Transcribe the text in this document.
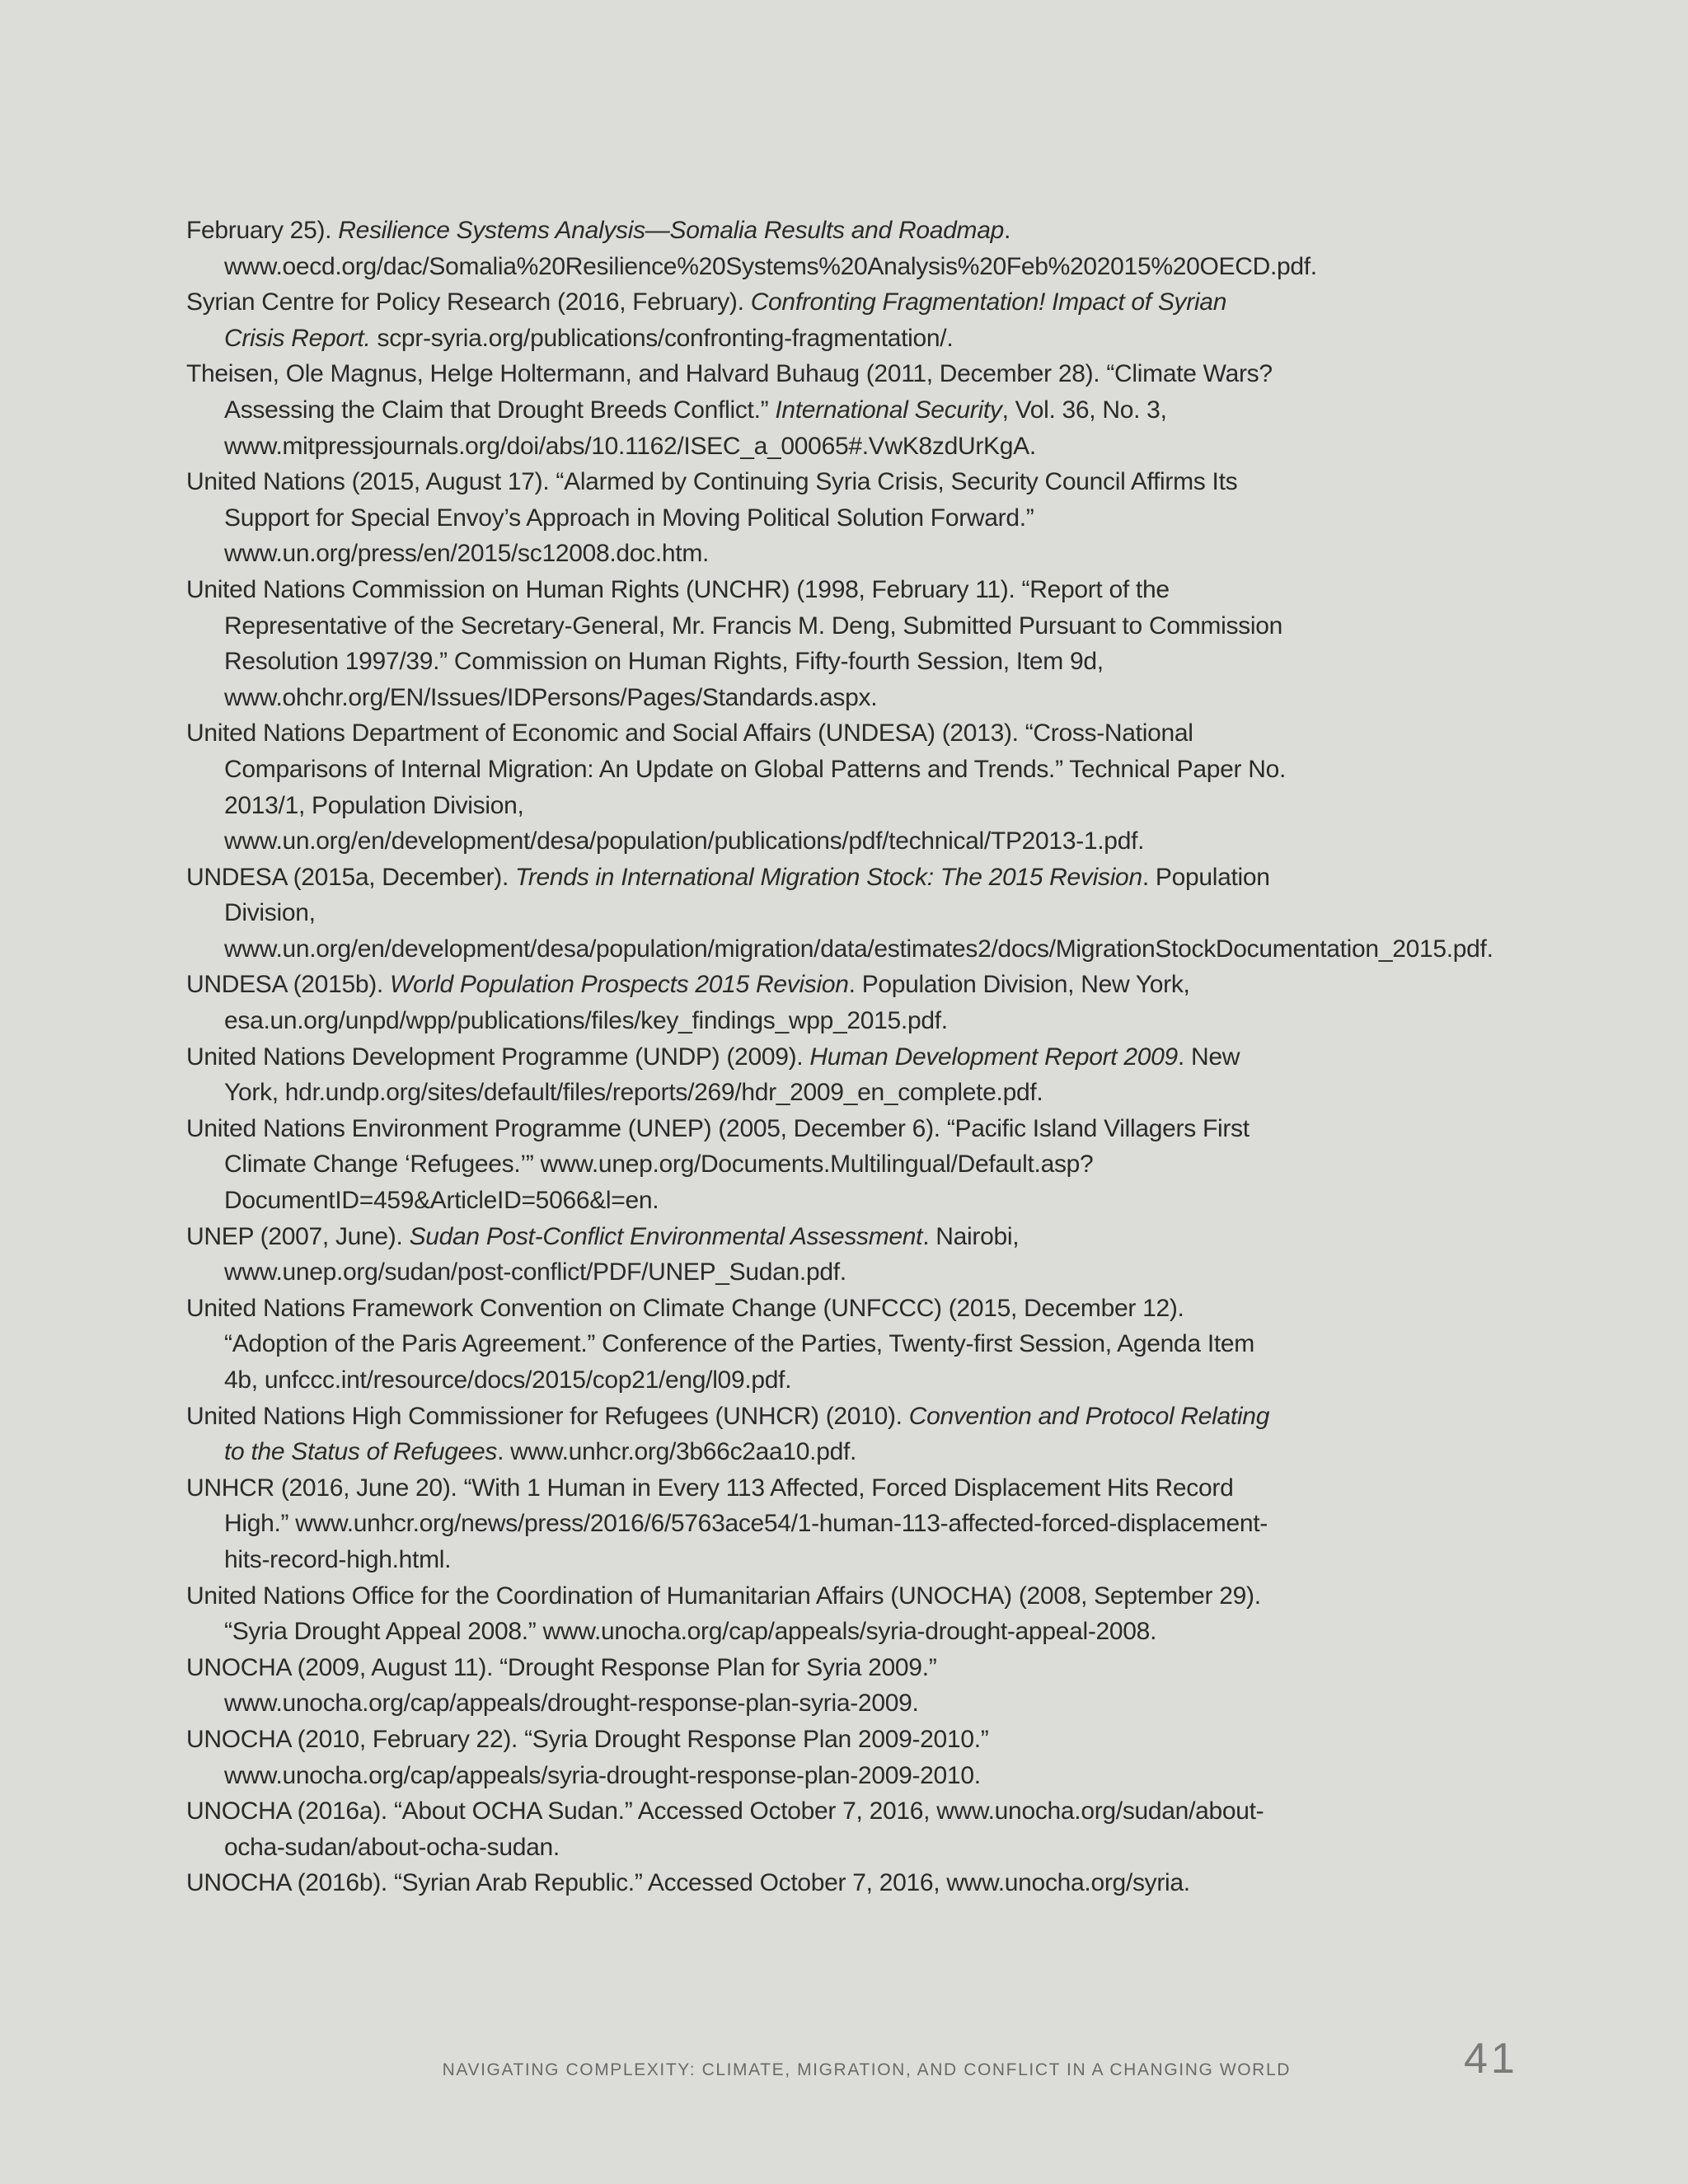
February 25). Resilience Systems Analysis—Somalia Results and Roadmap. www.oecd.org/dac/Somalia%20Resilience%20Systems%20Analysis%20Feb%202015%20OECD.pdf.

Syrian Centre for Policy Research (2016, February). Confronting Fragmentation! Impact of Syrian Crisis Report. scpr-syria.org/publications/confronting-fragmentation/.

Theisen, Ole Magnus, Helge Holtermann, and Halvard Buhaug (2011, December 28). “Climate Wars? Assessing the Claim that Drought Breeds Conflict.” International Security, Vol. 36, No. 3, www.mitpressjournals.org/doi/abs/10.1162/ISEC_a_00065#.VwK8zdUrKgA.

United Nations (2015, August 17). “Alarmed by Continuing Syria Crisis, Security Council Affirms Its Support for Special Envoy’s Approach in Moving Political Solution Forward.” www.un.org/press/en/2015/sc12008.doc.htm.

United Nations Commission on Human Rights (UNCHR) (1998, February 11). “Report of the Representative of the Secretary-General, Mr. Francis M. Deng, Submitted Pursuant to Commission Resolution 1997/39.” Commission on Human Rights, Fifty-fourth Session, Item 9d, www.ohchr.org/EN/Issues/IDPersons/Pages/Standards.aspx.

United Nations Department of Economic and Social Affairs (UNDESA) (2013). “Cross-National Comparisons of Internal Migration: An Update on Global Patterns and Trends.” Technical Paper No. 2013/1, Population Division, www.un.org/en/development/desa/population/publications/pdf/technical/TP2013-1.pdf.

UNDESA (2015a, December). Trends in International Migration Stock: The 2015 Revision. Population Division, www.un.org/en/development/desa/population/migration/data/estimates2/docs/MigrationStockDocumentation_2015.pdf.

UNDESA (2015b). World Population Prospects 2015 Revision. Population Division, New York, esa.un.org/unpd/wpp/publications/files/key_findings_wpp_2015.pdf.

United Nations Development Programme (UNDP) (2009). Human Development Report 2009. New York, hdr.undp.org/sites/default/files/reports/269/hdr_2009_en_complete.pdf.

United Nations Environment Programme (UNEP) (2005, December 6). “Pacific Island Villagers First Climate Change ‘Refugees.’” www.unep.org/Documents.Multilingual/Default.asp?DocumentID=459&ArticleID=5066&l=en.

UNEP (2007, June). Sudan Post-Conflict Environmental Assessment. Nairobi, www.unep.org/sudan/post-conflict/PDF/UNEP_Sudan.pdf.

United Nations Framework Convention on Climate Change (UNFCCC) (2015, December 12). “Adoption of the Paris Agreement.” Conference of the Parties, Twenty-first Session, Agenda Item 4b, unfccc.int/resource/docs/2015/cop21/eng/l09.pdf.

United Nations High Commissioner for Refugees (UNHCR) (2010). Convention and Protocol Relating to the Status of Refugees. www.unhcr.org/3b66c2aa10.pdf.

UNHCR (2016, June 20). “With 1 Human in Every 113 Affected, Forced Displacement Hits Record High.” www.unhcr.org/news/press/2016/6/5763ace54/1-human-113-affected-forced-displacement-hits-record-high.html.

United Nations Office for the Coordination of Humanitarian Affairs (UNOCHA) (2008, September 29). “Syria Drought Appeal 2008.” www.unocha.org/cap/appeals/syria-drought-appeal-2008.

UNOCHA (2009, August 11). “Drought Response Plan for Syria 2009.” www.unocha.org/cap/appeals/drought-response-plan-syria-2009.

UNOCHA (2010, February 22). “Syria Drought Response Plan 2009-2010.” www.unocha.org/cap/appeals/syria-drought-response-plan-2009-2010.

UNOCHA (2016a). “About OCHA Sudan.” Accessed October 7, 2016, www.unocha.org/sudan/about-ocha-sudan/about-ocha-sudan.

UNOCHA (2016b). “Syrian Arab Republic.” Accessed October 7, 2016, www.unocha.org/syria.

NAVIGATING COMPLEXITY: CLIMATE, MIGRATION, AND CONFLICT IN A CHANGING WORLD	41
